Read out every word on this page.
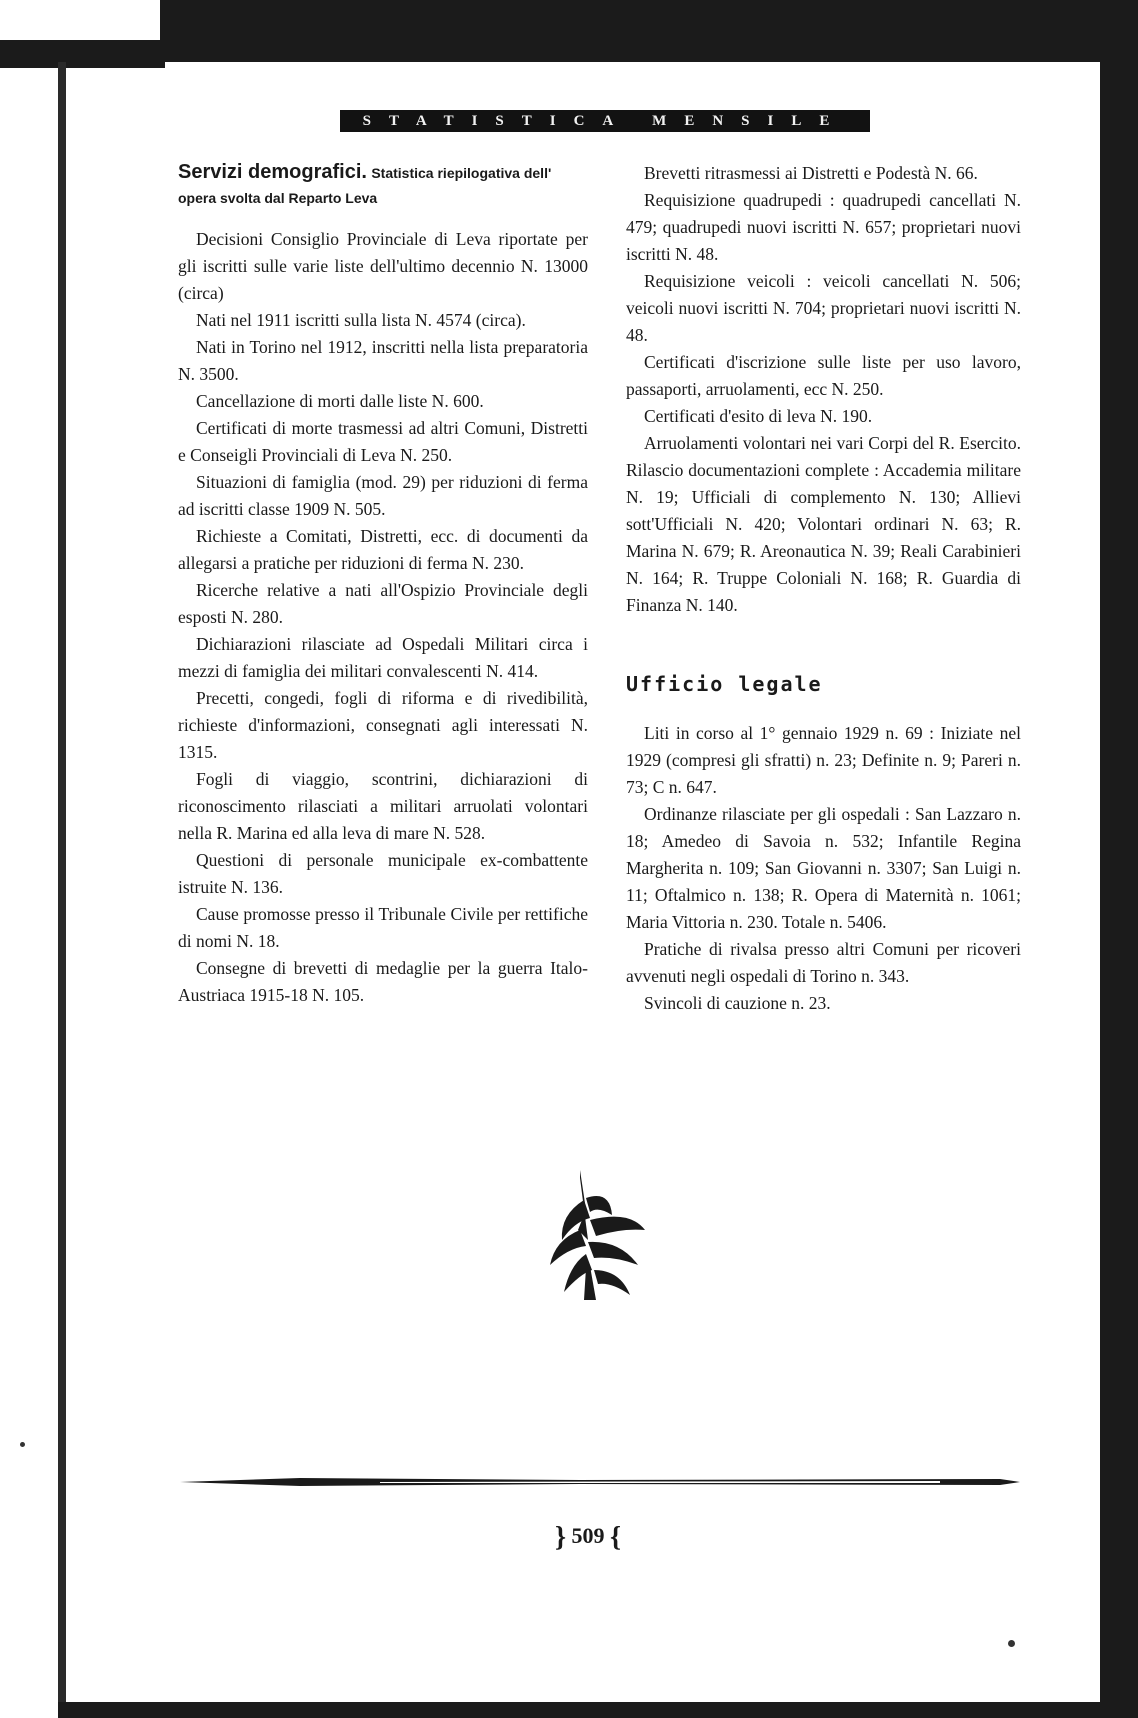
STATISTICA MENSILE
Servizi demografici. Statistica riepilogativa dell' opera svolta dal Reparto Leva

Decisioni Consiglio Provinciale di Leva riportate per gli iscritti sulle varie liste dell'ultimo decennio N. 13000 (circa)

Nati nel 1911 iscritti sulla lista N. 4574 (circa).

Nati in Torino nel 1912, inscritti nella lista preparatoria N. 3500.

Cancellazione di morti dalle liste N. 600.

Certificati di morte trasmessi ad altri Comuni, Distretti e Conseigli Provinciali di Leva N. 250.

Situazioni di famiglia (mod. 29) per riduzioni di ferma ad iscritti classe 1909 N. 505.

Richieste a Comitati, Distretti, ecc. di documenti da allegarsi a pratiche per riduzioni di ferma N. 230.

Ricerche relative a nati all'Ospizio Provinciale degli esposti N. 280.

Dichiarazioni rilasciate ad Ospedali Militari circa i mezzi di famiglia dei militari convalescenti N. 414.

Precetti, congedi, fogli di riforma e di rivedibilità, richieste d'informazioni, consegnati agli interessati N. 1315.

Fogli di viaggio, scontrini, dichiarazioni di riconoscimento rilasciati a militari arruolati volontari nella R. Marina ed alla leva di mare N. 528.

Questioni di personale municipale ex-combattente istruite N. 136.

Cause promosse presso il Tribunale Civile per rettifiche di nomi N. 18.

Consegne di brevetti di medaglie per la guerra Italo-Austriaca 1915-18 N. 105.

Brevetti ritrasmessi ai Distretti e Podestà N. 66.

Requisizione quadrupedi : quadrupedi cancellati N. 479; quadrupedi nuovi iscritti N. 657; proprietari nuovi iscritti N. 48.

Requisizione veicoli : veicoli cancellati N. 506; veicoli nuovi iscritti N. 704; proprietari nuovi iscritti N. 48.

Certificati d'iscrizione sulle liste per uso lavoro, passaporti, arruolamenti, ecc N. 250.

Certificati d'esito di leva N. 190.

Arruolamenti volontari nei vari Corpi del R. Esercito. Rilascio documentazioni complete : Accademia militare N. 19; Ufficiali di complemento N. 130; Allievi sott'Ufficiali N. 420; Volontari ordinari N. 63; R. Marina N. 679; R. Areonautica N. 39; Reali Carabinieri N. 164; R. Truppe Coloniali N. 168; R. Guardia di Finanza N. 140.

Ufficio legale

Liti in corso al 1° gennaio 1929 n. 69 : Iniziate nel 1929 (compresi gli sfratti) n. 23; Definite n. 9; Pareri n. 73; C n. 647.

Ordinanze rilasciate per gli ospedali : San Lazzaro n. 18; Amedeo di Savoia n. 532; Infantile Regina Margherita n. 109; San Giovanni n. 3307; San Luigi n. 11; Oftalmico n. 138; R. Opera di Maternità n. 1061; Maria Vittoria n. 230. Totale n. 5406.

Pratiche di rivalsa presso altri Comuni per ricoveri avvenuti negli ospedali di Torino n. 343.

Svincoli di cauzione n. 23.

} 509 {
